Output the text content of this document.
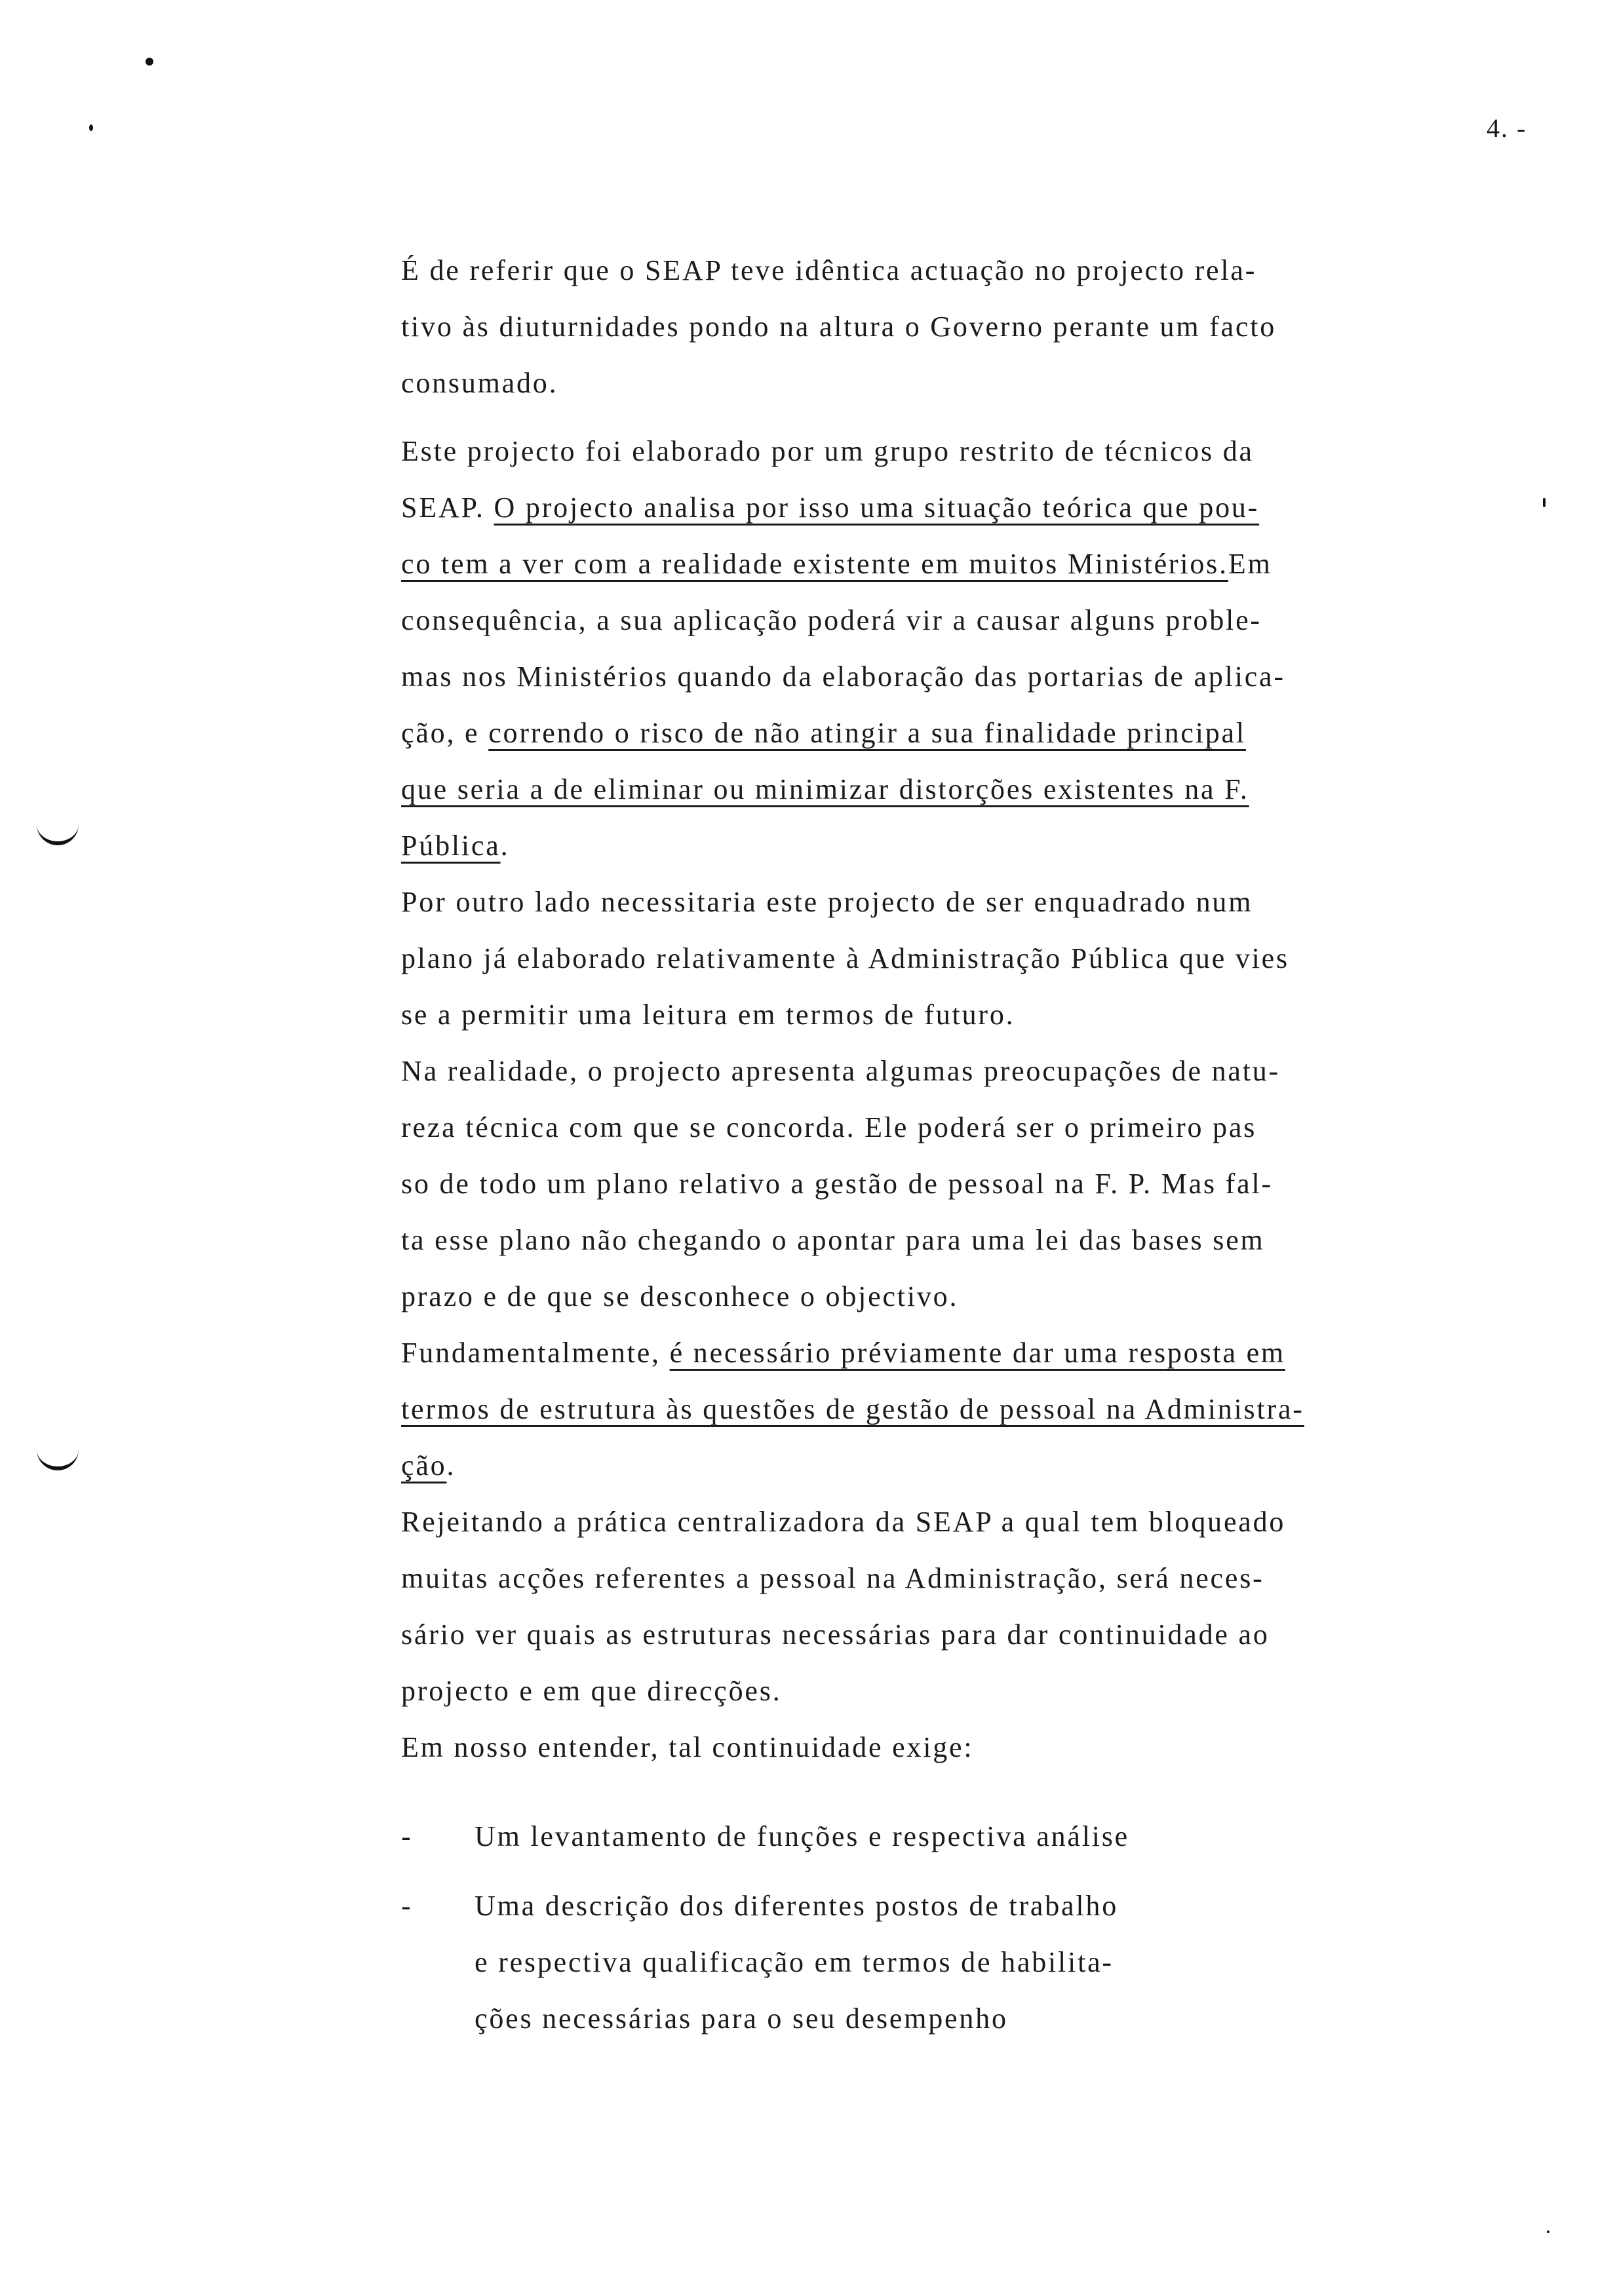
4. -
É de referir que o SEAP teve idêntica actuação no projecto rela-
tivo às diuturnidades pondo na altura o Governo perante um facto
consumado.
Este projecto foi elaborado por um grupo restrito de técnicos da
SEAP. O projecto analisa por isso uma situação teórica que pou-
co tem a ver com a realidade existente em muitos Ministérios.Em
consequência, a sua aplicação poderá vir a causar alguns proble-
mas nos Ministérios quando da elaboração das portarias de aplica-
ção, e correndo o risco de não atingir a sua finalidade principal
que seria a de eliminar ou minimizar distorções existentes na F.
Pública.
Por outro lado necessitaria este projecto de ser enquadrado num
plano já elaborado relativamente à Administração Pública que vies
se a permitir uma leitura em termos de futuro.
Na realidade, o projecto apresenta algumas preocupações de natu-
reza técnica com que se concorda. Ele poderá ser o primeiro pas
so de todo um plano relativo a gestão de pessoal na F. P. Mas fal-
ta esse plano não chegando o apontar para uma lei das bases sem
prazo e de que se desconhece o objectivo.
Fundamentalmente, é necessário préviamente dar uma resposta em
termos de estrutura às questões de gestão de pessoal na Administra-
ção.
Rejeitando a prática centralizadora da SEAP a qual tem bloqueado
muitas acções referentes a pessoal na Administração, será neces-
sário ver quais as estruturas necessárias para dar continuidade ao
projecto e em que direcções.
Em nosso entender, tal continuidade exige:
-	Um levantamento de funções e respectiva análise
-	Uma descrição dos diferentes postos de trabalho
e respectiva qualificação em termos de habilita-
ções necessárias para o seu desempenho
